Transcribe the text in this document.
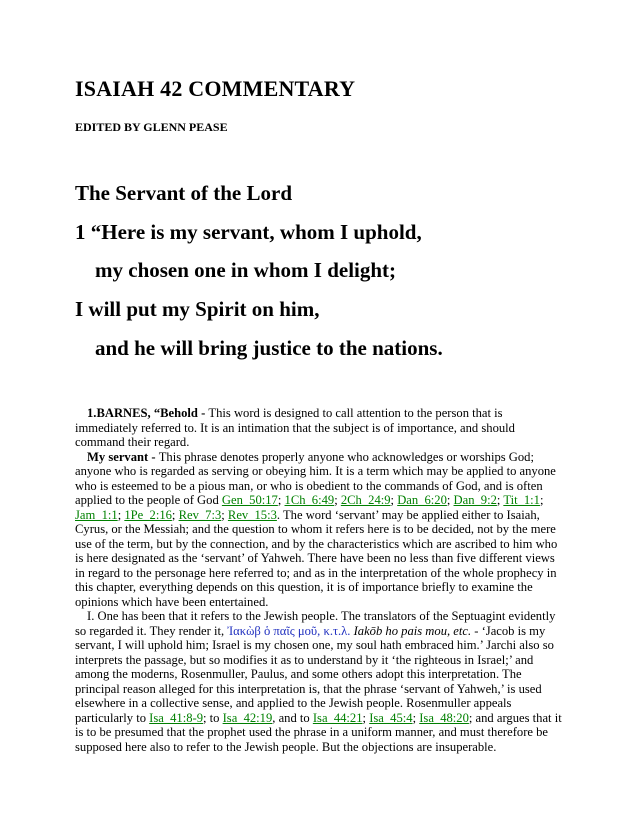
ISAIAH 42 COMMENTARY
EDITED BY GLENN PEASE
The Servant of the Lord
1 “Here is my servant, whom I uphold,
my chosen one in whom I delight;
I will put my Spirit on him,
and he will bring justice to the nations.

1.BARNES, “Behold - This word is designed to call attention to the person that is immediately referred to. It is an intimation that the subject is of importance, and should command their regard.

My servant - This phrase denotes properly anyone who acknowledges or worships God; anyone who is regarded as serving or obeying him. It is a term which may be applied to anyone who is esteemed to be a pious man, or who is obedient to the commands of God, and is often applied to the people of God Gen_50:17; 1Ch_6:49; 2Ch_24:9; Dan_6:20; Dan_9:2; Tit_1:1; Jam_1:1; 1Pe_2:16; Rev_7:3; Rev_15:3. The word ‘servant’ may be applied either to Isaiah, Cyrus, or the Messiah; and the question to whom it refers here is to be decided, not by the mere use of the term, but by the connection, and by the characteristics which are ascribed to him who is here designated as the ‘servant’ of Yahweh. There have been no less than five different views in regard to the personage here referred to; and as in the interpretation of the whole prophecy in this chapter, everything depends on this question, it is of importance briefly to examine the opinions which have been entertained.

I. One has been that it refers to the Jewish people. The translators of the Septuagint evidently so regarded it. They render it, Ἰακὼβ ὁ παῖς μοῦ, κ.τ.λ. Iakōb ho pais mou, etc. - ‘Jacob is my servant, I will uphold him; Israel is my chosen one, my soul hath embraced him.’ Jarchi also so interprets the passage, but so modifies it as to understand by it ‘the righteous in Israel;’ and among the moderns, Rosenmuller, Paulus, and some others adopt this interpretation. The principal reason alleged for this interpretation is, that the phrase ‘servant of Yahweh,’ is used elsewhere in a collective sense, and applied to the Jewish people. Rosenmuller appeals particularly to Isa_41:8-9; to Isa_42:19, and to Isa_44:21; Isa_45:4; Isa_48:20; and argues that it is to be presumed that the prophet used the phrase in a uniform manner, and must therefore be supposed here also to refer to the Jewish people. But the objections are insuperable.
